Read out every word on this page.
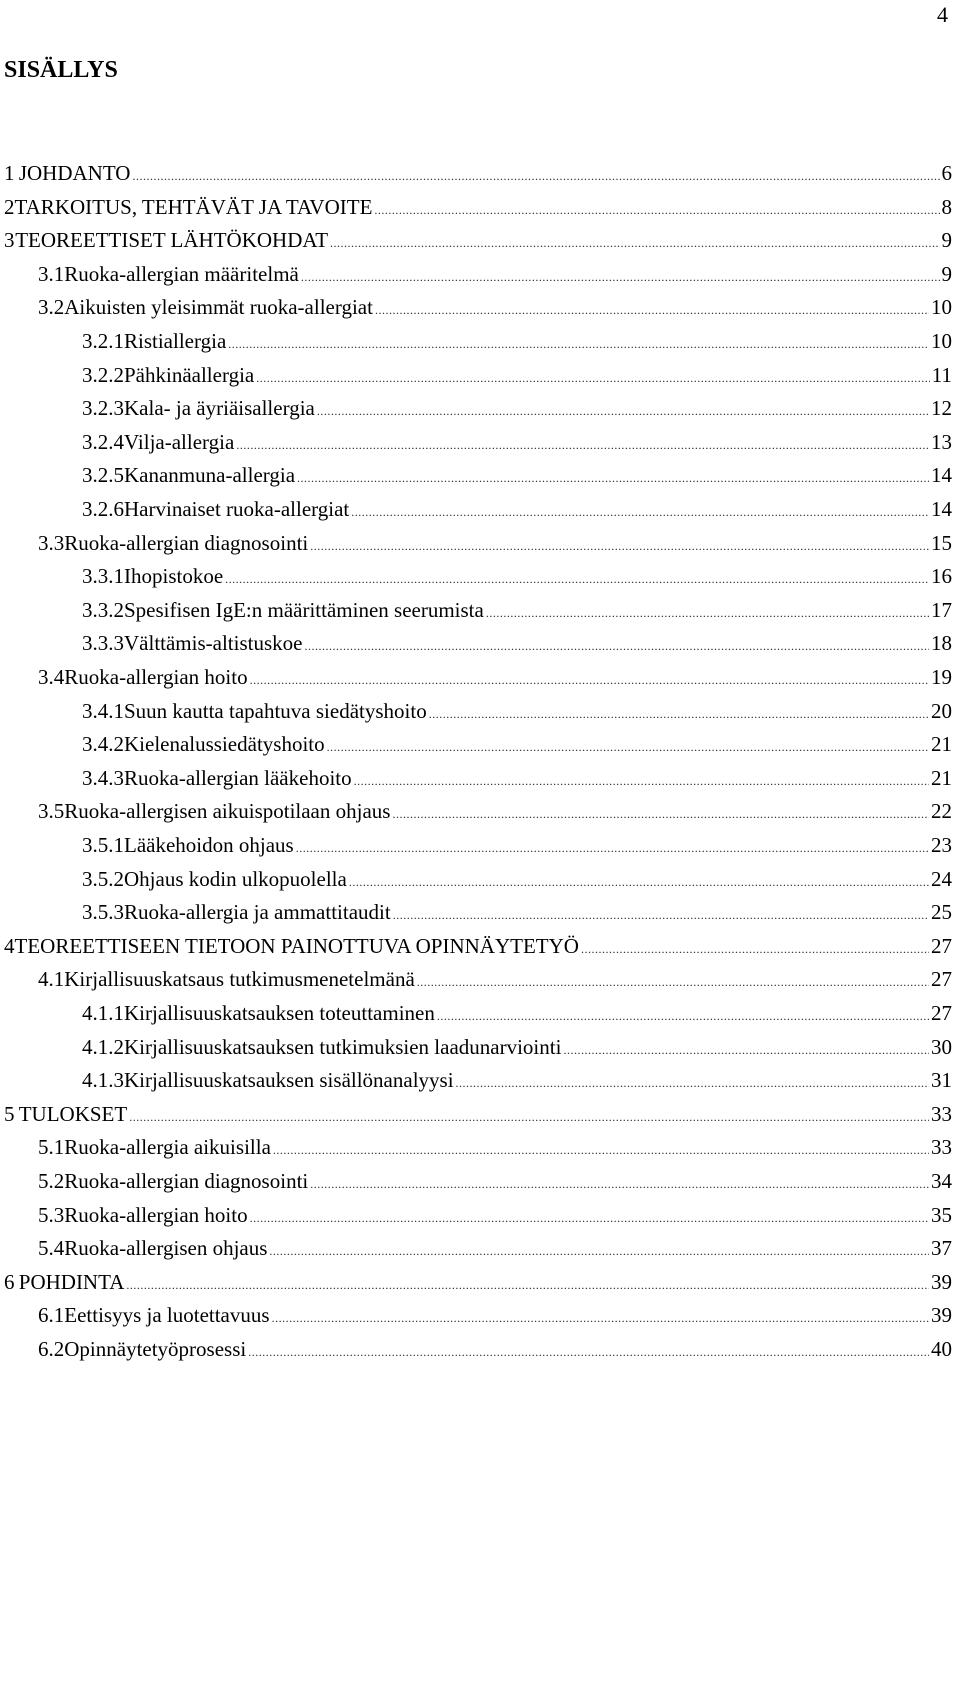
4
SISÄLLYS
1 JOHDANTO .....	6
2 TARKOITUS, TEHTÄVÄT JA TAVOITE .....	8
3 TEOREETTISET LÄHTÖKOHDAT .....	9
3.1 Ruoka-allergian määritelmä .....	9
3.2 Aikuisten yleisimmät ruoka-allergiat .....	10
3.2.1 Ristiallergia .....	10
3.2.2 Pähkinäallergia .....	11
3.2.3 Kala- ja äyriäisallergia .....	12
3.2.4 Vilja-allergia .....	13
3.2.5 Kananmuna-allergia .....	14
3.2.6 Harvinaiset ruoka-allergiat .....	14
3.3 Ruoka-allergian diagnosointi .....	15
3.3.1 Ihopistokoe .....	16
3.3.2 Spesifisen IgE:n määrittäminen seerumista .....	17
3.3.3 Välttämis-altistuskoe .....	18
3.4 Ruoka-allergian hoito .....	19
3.4.1 Suun kautta tapahtuva siedätyshoito .....	20
3.4.2 Kielenalussiedätyshoito .....	21
3.4.3 Ruoka-allergian lääkehoito .....	21
3.5 Ruoka-allergisen aikuispotilaan ohjaus .....	22
3.5.1 Lääkehoidon ohjaus .....	23
3.5.2 Ohjaus kodin ulkopuolella .....	24
3.5.3 Ruoka-allergia ja ammattitaudit .....	25
4 TEOREETTISEEN TIETOON PAINOTTUVA OPINNÄYTETYÖ .....	27
4.1 Kirjallisuuskatsaus tutkimusmenetelmänä .....	27
4.1.1 Kirjallisuuskatsauksen toteuttaminen .....	27
4.1.2 Kirjallisuuskatsauksen tutkimuksien laadunarviointi .....	30
4.1.3 Kirjallisuuskatsauksen sisällönanalyysi .....	31
5 TULOKSET .....	33
5.1 Ruoka-allergia aikuisilla .....	33
5.2 Ruoka-allergian diagnosointi .....	34
5.3 Ruoka-allergian hoito .....	35
5.4 Ruoka-allergisen ohjaus .....	37
6 POHDINTA .....	39
6.1 Eettisyys ja luotettavuus .....	39
6.2 Opinnäytetyöprosessi .....	40
